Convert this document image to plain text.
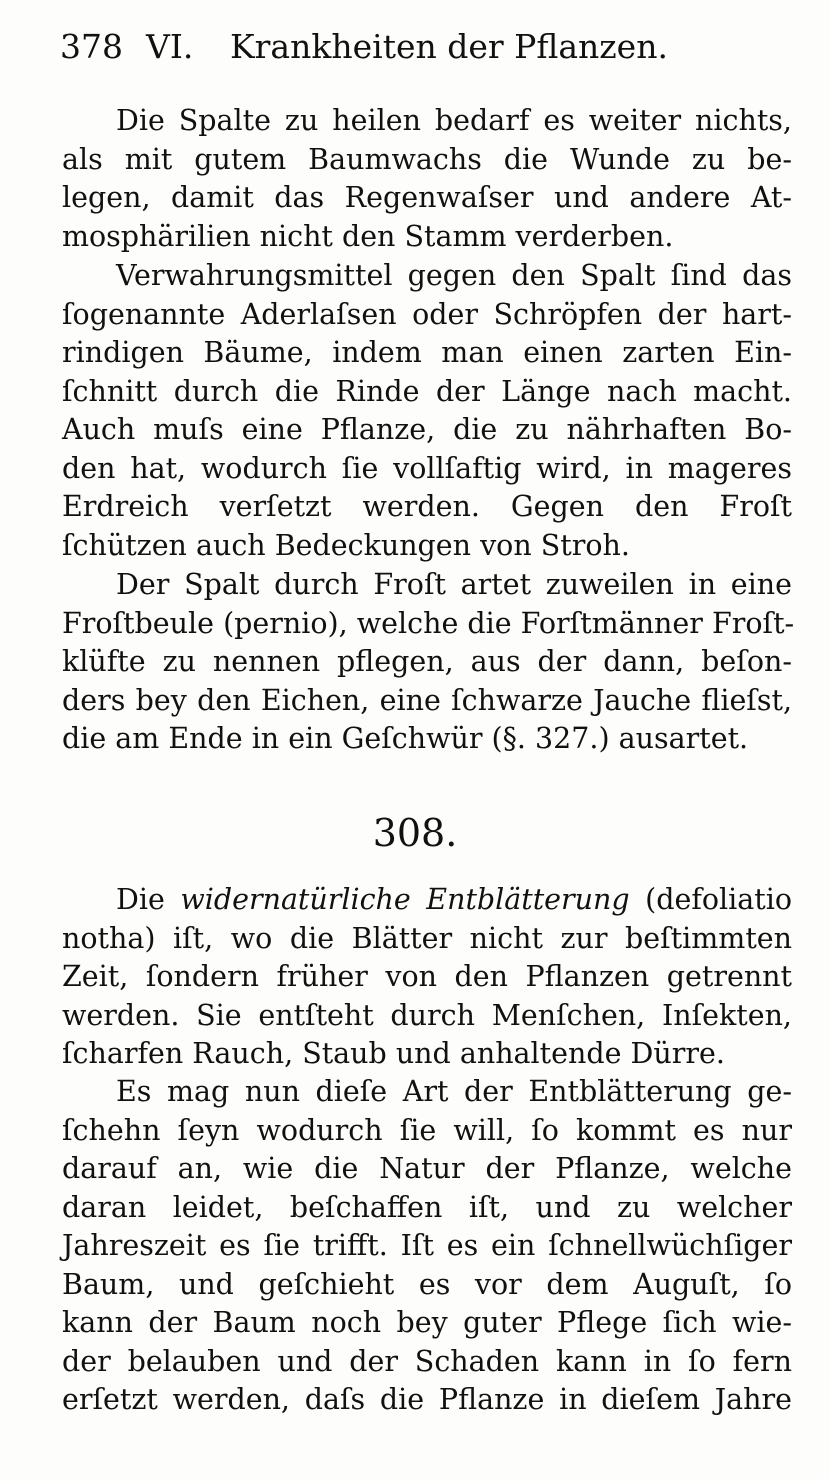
378 VI. Krankheiten der Pflanzen.
Die Spalte zu heilen bedarf es weiter nichts,
als mit gutem Baumwachs die Wunde zu be-
legen, damit das Regenwaſser und andere At-
mosphärilien nicht den Stamm verderben.
Verwahrungsmittel gegen den Spalt ſind das
ſogenannte Aderlaſsen oder Schröpfen der hart-
rindigen Bäume, indem man einen zarten Ein-
ſchnitt durch die Rinde der Länge nach macht.
Auch muſs eine Pflanze, die zu nährhaften Bo-
den hat, wodurch ſie vollſaftig wird, in mageres
Erdreich verſetzt werden. Gegen den Froſt
ſchützen auch Bedeckungen von Stroh.
Der Spalt durch Froſt artet zuweilen in eine
Froſtbeule (pernio), welche die Forſtmänner Froſt-
klüfte zu nennen pflegen, aus der dann, beſon-
ders bey den Eichen, eine ſchwarze Jauche flieſst,
die am Ende in ein Geſchwür (§. 327.) ausartet.
308.
Die widernatürliche Entblätterung (defoliatio
notha) iſt, wo die Blätter nicht zur beſtimmten
Zeit, ſondern früher von den Pflanzen getrennt
werden. Sie entſteht durch Menſchen, Inſekten,
ſcharfen Rauch, Staub und anhaltende Dürre.
Es mag nun dieſe Art der Entblätterung ge-
ſchehn ſeyn wodurch ſie will, ſo kommt es nur
darauf an, wie die Natur der Pflanze, welche
daran leidet, beſchaffen iſt, und zu welcher
Jahreszeit es ſie trifft. Iſt es ein ſchnellwüchſiger
Baum, und geſchieht es vor dem Auguſt, ſo
kann der Baum noch bey guter Pflege ſich wie-
der belauben und der Schaden kann in ſo fern
erſetzt werden, daſs die Pflanze in dieſem Jahre
